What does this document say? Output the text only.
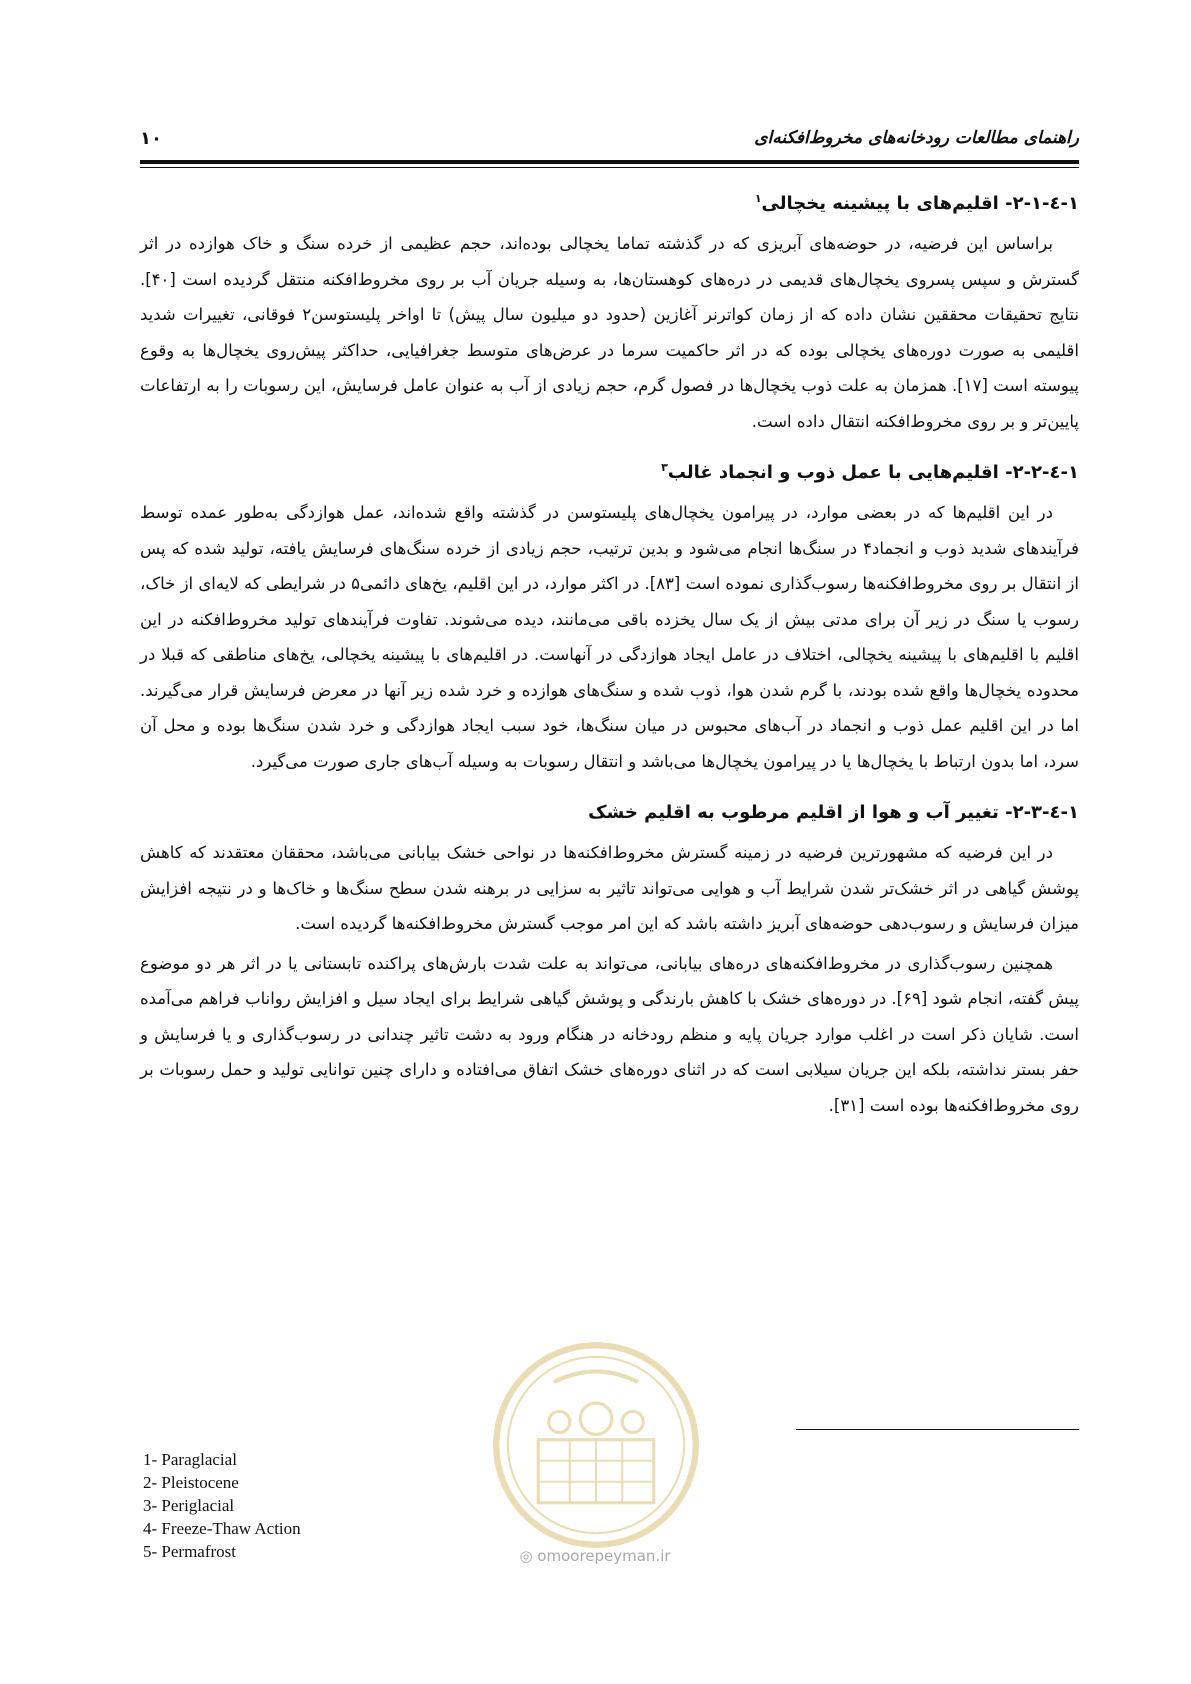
راهنمای مطالعات رودخانه‌های مخروط‌افکنه‌ای
۱۰
۱-٤-۲-۱- اقلیم‌های با پیشینه یخچالی$^۱$

براساس این فرضیه، در حوضه‌های آبریزی که در گذشته تماما یخچالی بوده‌اند، حجم عظیمی از خرده سنگ و خاک هوازده در اثر گسترش و سپس پسروی یخچال‌های قدیمی در دره‌های کوهستان‌ها، به وسیله جریان آب بر روی مخروط‌افکنه منتقل گردیده است [۴۰]. نتایج تحقیقات محققین نشان داده که از زمان کواترنر آغازین (حدود دو میلیون سال پیش) تا اواخر پلیستوسن۲ فوقانی، تغییرات شدید اقلیمی به صورت دوره‌های یخچالی بوده که در اثر حاکمیت سرما در عرض‌های متوسط جغرافیایی، حداکثر پیش‌روی یخچال‌ها به وقوع پیوسته است [۱۷]. همزمان به علت ذوب یخچال‌ها در فصول گرم، حجم زیادی از آب به عنوان عامل فرسایش، این رسوبات را به ارتفاعات پایین‌تر و بر روی مخروط‌افکنه انتقال داده است.

۱-٤-۲-۲- اقلیم‌هایی با عمل ذوب و انجماد غالب$^۳$

در این اقلیم‌ها که در بعضی موارد، در پیرامون یخچال‌های پلیستوسن در گذشته واقع شده‌اند، عمل هوازدگی به‌طور عمده توسط فرآیندهای شدید ذوب و انجماد۴ در سنگ‌ها انجام می‌شود و بدین ترتیب، حجم زیادی از خرده سنگ‌های فرسایش یافته، تولید شده که پس از انتقال بر روی مخروط‌افکنه‌ها رسوب‌گذاری نموده است [۸۳]. در اکثر موارد، در این اقلیم، یخ‌های دائمی۵ در شرایطی که لایه‌ای از خاک، رسوب یا سنگ در زیر آن برای مدتی بیش از یک سال یخزده باقی می‌مانند، دیده می‌شوند. تفاوت فرآیندهای تولید مخروط‌افکنه در این اقلیم با اقلیم‌های با پیشینه یخچالی، اختلاف در عامل ایجاد هوازدگی در آنهاست. در اقلیم‌های با پیشینه یخچالی، یخ‌های مناطقی که قبلا در محدوده یخچال‌ها واقع شده بودند، با گرم شدن هوا، ذوب شده و سنگ‌های هوازده و خرد شده زیر آنها در معرض فرسایش قرار می‌گیرند. اما در این اقلیم عمل ذوب و انجماد در آب‌های محبوس در میان سنگ‌ها، خود سبب ایجاد هوازدگی و خرد شدن سنگ‌ها بوده و محل آن سرد، اما بدون ارتباط با یخچال‌ها یا در پیرامون یخچال‌ها می‌باشد و انتقال رسوبات به وسیله آب‌های جاری صورت می‌گیرد.

۱-٤-۲-۳- تغییر آب و هوا از اقلیم مرطوب به اقلیم خشک

در این فرضیه که مشهورترین فرضیه در زمینه گسترش مخروط‌افکنه‌ها در نواحی خشک بیابانی می‌باشد، محققان معتقدند که کاهش پوشش گیاهی در اثر خشک‌تر شدن شرایط آب و هوایی می‌تواند تاثیر به سزایی در برهنه شدن سطح سنگ‌ها و خاک‌ها و در نتیجه افزایش میزان فرسایش و رسوب‌دهی حوضه‌های آبریز داشته باشد که این امر موجب گسترش مخروط‌افکنه‌ها گردیده است.

همچنین رسوب‌گذاری در مخروط‌افکنه‌های دره‌های بیابانی، می‌تواند به علت شدت بارش‌های پراکنده تابستانی یا در اثر هر دو موضوع پیش گفته، انجام شود [۶۹]. در دوره‌های خشک با کاهش بارندگی و پوشش گیاهی شرایط برای ایجاد سیل و افزایش رواناب فراهم می‌آمده است. شایان ذکر است در اغلب موارد جریان پایه و منظم رودخانه در هنگام ورود به دشت تاثیر چندانی در رسوب‌گذاری و یا فرسایش و حفر بستر نداشته، بلکه این جریان سیلابی است که در اثنای دوره‌های خشک اتفاق می‌افتاده و دارای چنین توانایی تولید و حمل رسوبات بر روی مخروط‌افکنه‌ها بوده است [۳۱].

◎ omoorepeyman.ir
1- Paraglacial
2- Pleistocene
3- Periglacial
4- Freeze-Thaw Action
5- Permafrost
